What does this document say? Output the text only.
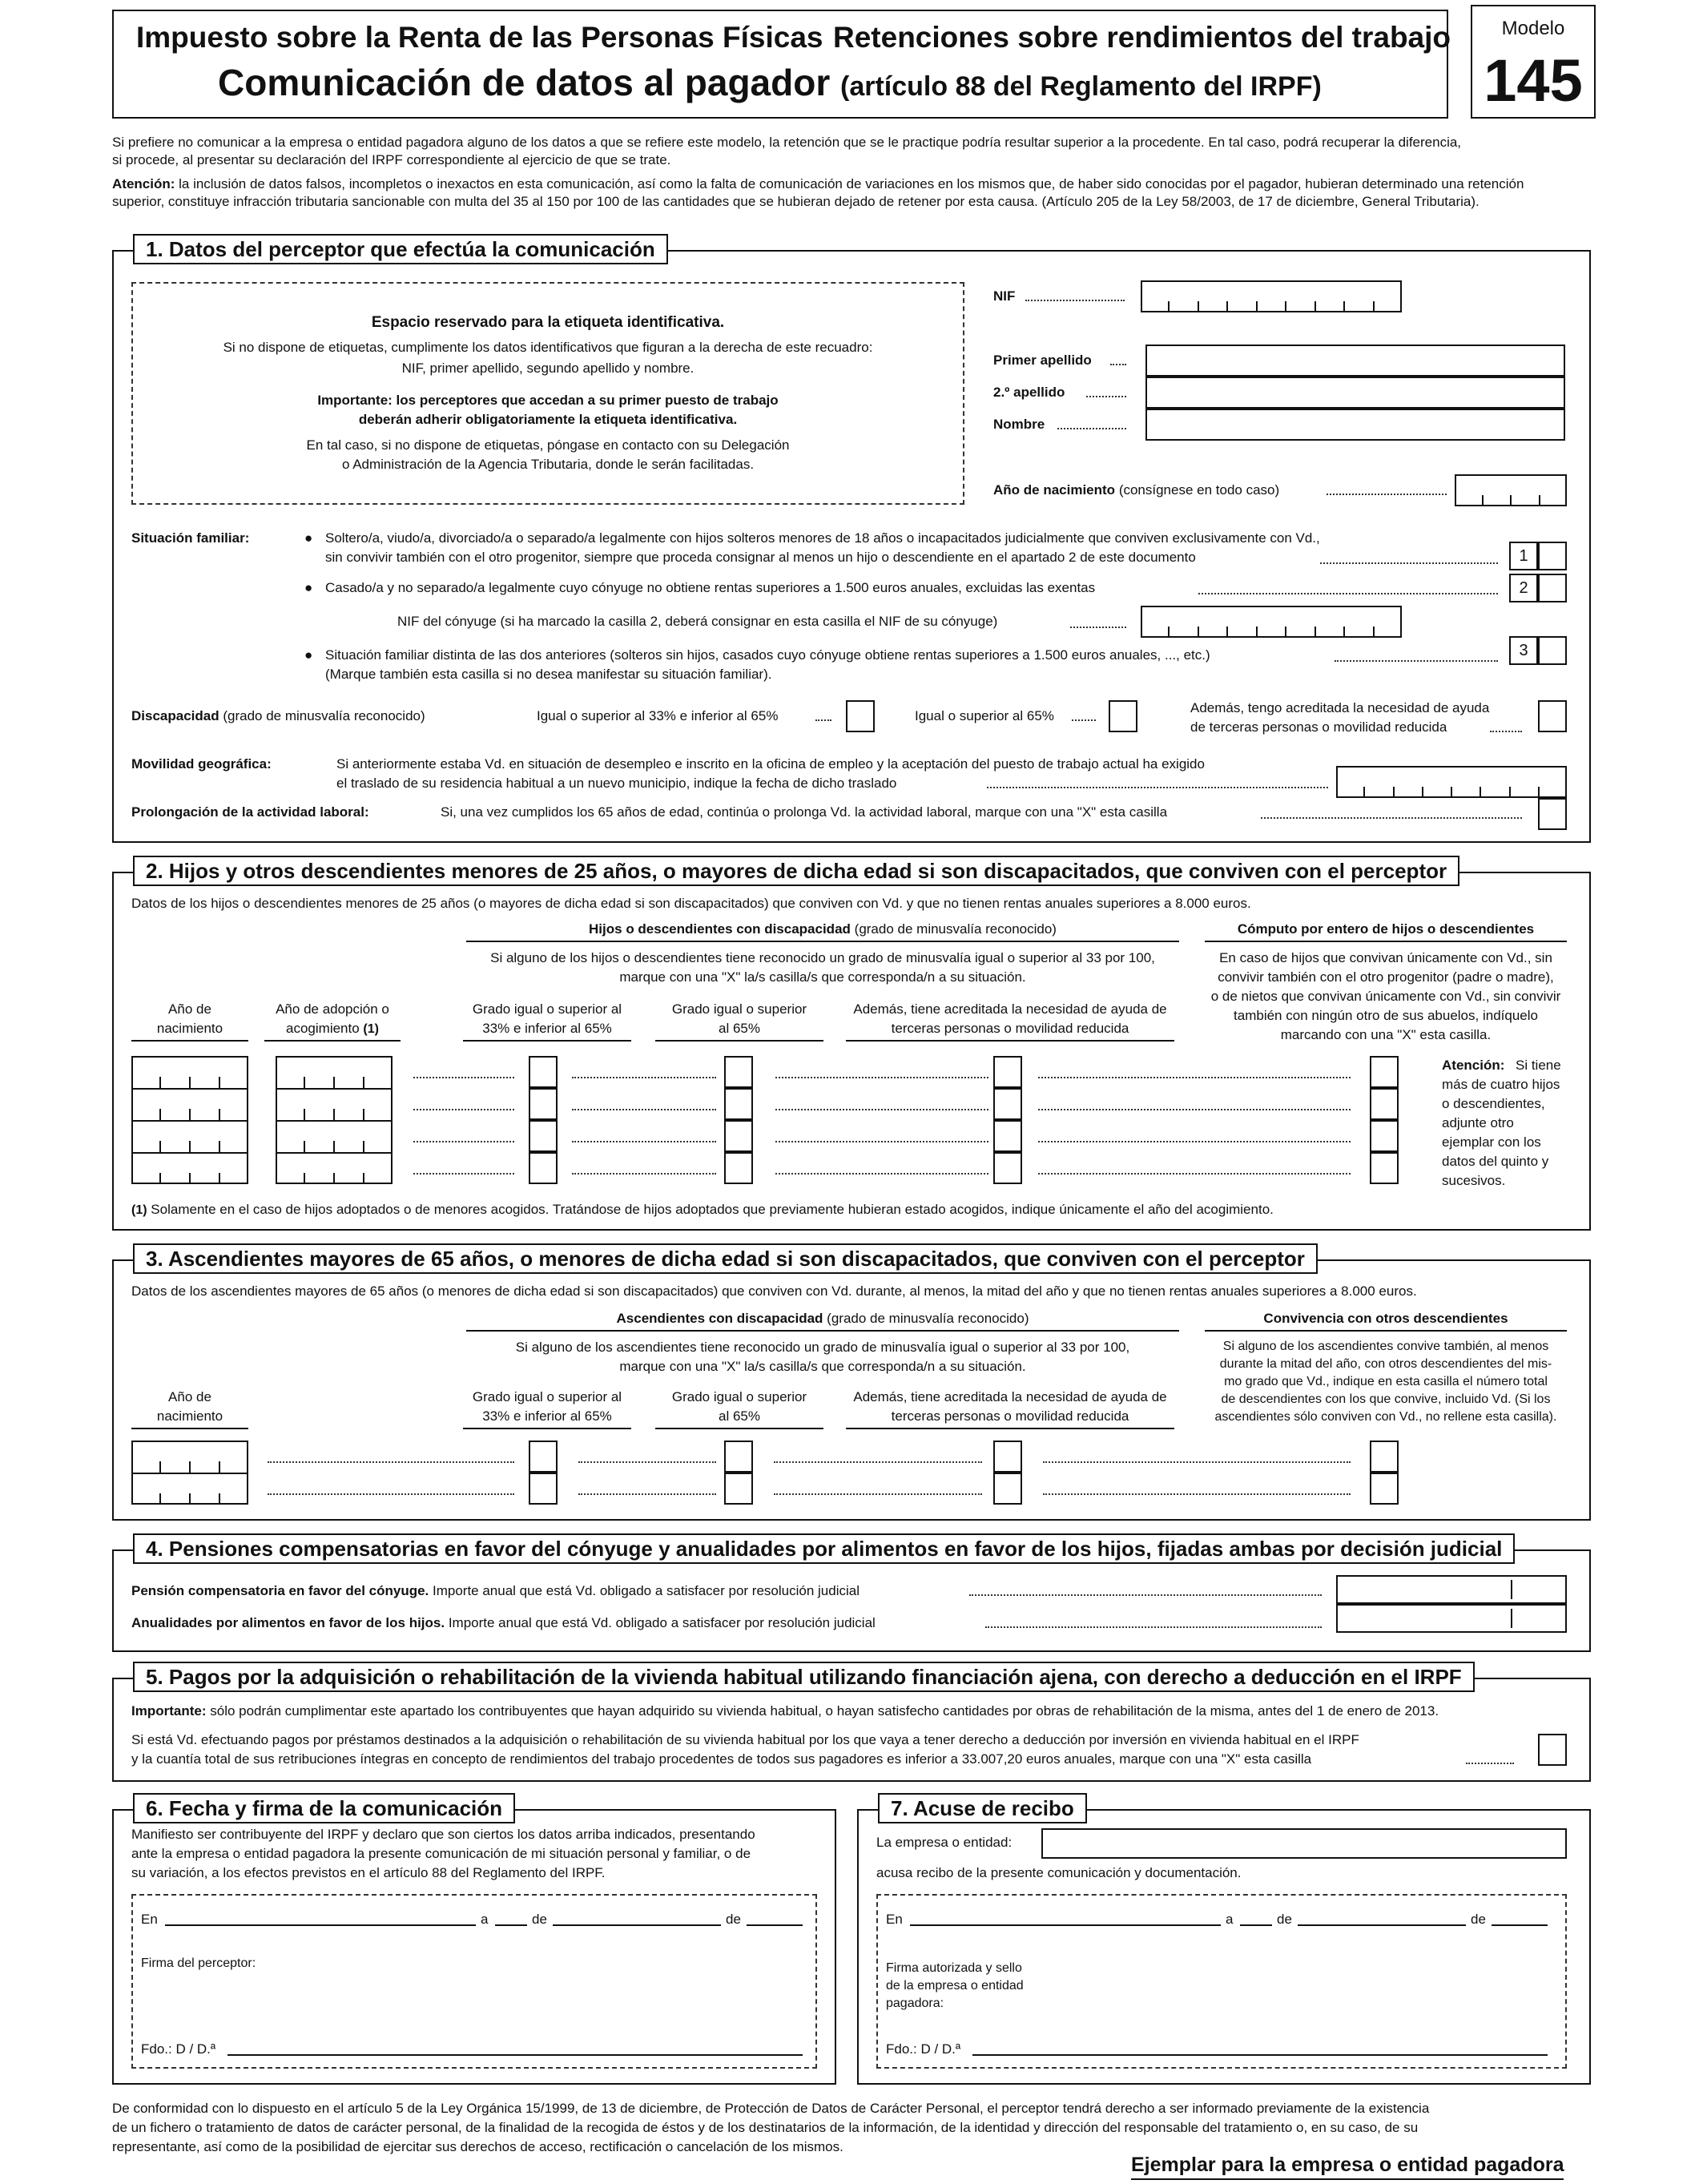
Impuesto sobre la Renta de las Personas Físicas Retenciones sobre rendimientos del trabajo
Comunicación de datos al pagador (artículo 88 del Reglamento del IRPF)
Modelo
145
Si prefiere no comunicar a la empresa o entidad pagadora alguno de los datos a que se refiere este modelo, la retención que se le practique podría resultar superior a la procedente. En tal caso, podrá recuperar la diferencia,
si procede, al presentar su declaración del IRPF correspondiente al ejercicio de que se trate.
Atención: la inclusión de datos falsos, incompletos o inexactos en esta comunicación, así como la falta de comunicación de variaciones en los mismos que, de haber sido conocidas por el pagador, hubieran determinado una retención
superior, constituye infracción tributaria sancionable con multa del 35 al 150 por 100 de las cantidades que se hubieran dejado de retener por esta causa. (Artículo 205 de la Ley 58/2003, de 17 de diciembre, General Tributaria).
1. Datos del perceptor que efectúa la comunicación
Espacio reservado para la etiqueta identificativa.
Si no dispone de etiquetas, cumplimente los datos identificativos que figuran a la derecha de este recuadro:
NIF, primer apellido, segundo apellido y nombre.
Importante: los perceptores que accedan a su primer puesto de trabajo
deberán adherir obligatoriamente la etiqueta identificativa.
En tal caso, si no dispone de etiquetas, póngase en contacto con su Delegación
o Administración de la Agencia Tributaria, donde le serán facilitadas.
NIF
Primer apellido
2.º apellido
Nombre
Año de nacimiento (consígnese en todo caso)
Situación familiar:	● Soltero/a, viudo/a, divorciado/a o separado/a legalmente con hijos solteros menores de 18 años o incapacitados judicialmente que conviven exclusivamente con Vd.,
sin convivir también con el otro progenitor, siempre que proceda consignar al menos un hijo o descendiente en el apartado 2 de este documento	1
● Casado/a y no separado/a legalmente cuyo cónyuge no obtiene rentas superiores a 1.500 euros anuales, excluidas las exentas	2
NIF del cónyuge (si ha marcado la casilla 2, deberá consignar en esta casilla el NIF de su cónyuge)
● Situación familiar distinta de las dos anteriores (solteros sin hijos, casados cuyo cónyuge obtiene rentas superiores a 1.500 euros anuales, ..., etc.)
(Marque también esta casilla si no desea manifestar su situación familiar).
3
Discapacidad (grado de minusvalía reconocido)	Igual o superior al 33% e inferior al 65%	Igual o superior al 65%
Además, tengo acreditada la necesidad de ayuda
de terceras personas o movilidad reducida
Movilidad geográfica:	Si anteriormente estaba Vd. en situación de desempleo e inscrito en la oficina de empleo y la aceptación del puesto de trabajo actual ha exigido
el traslado de su residencia habitual a un nuevo municipio, indique la fecha de dicho traslado
Prolongación de la actividad laboral:	Si, una vez cumplidos los 65 años de edad, continúa o prolonga Vd. la actividad laboral, marque con una "X" esta casilla
2. Hijos y otros descendientes menores de 25 años, o mayores de dicha edad si son discapacitados, que conviven con el perceptor
Datos de los hijos o descendientes menores de 25 años (o mayores de dicha edad si son discapacitados) que conviven con Vd. y que no tienen rentas anuales superiores a 8.000 euros.
Hijos o descendientes con discapacidad (grado de minusvalía reconocido)
Si alguno de los hijos o descendientes tiene reconocido un grado de minusvalía igual o superior al 33 por 100,
marque con una "X" la/s casilla/s que corresponda/n a su situación.
Cómputo por entero de hijos o descendientes
En caso de hijos que convivan únicamente con Vd., sin
convivir también con el otro progenitor (padre o madre),
o de nietos que convivan únicamente con Vd., sin convivir
también con ningún otro de sus abuelos, indíquelo
marcando con una "X" esta casilla.
Año de
nacimiento
Año de adopción o
acogimiento (1)
Grado igual o superior al
33% e inferior al 65%
Grado igual o superior
al 65%
Además, tiene acreditada la necesidad de ayuda de
terceras personas o movilidad reducida
Atención: Si tiene
más de cuatro hijos
o descendientes,
adjunte otro
ejemplar con los
datos del quinto y
sucesivos.
(1) Solamente en el caso de hijos adoptados o de menores acogidos. Tratándose de hijos adoptados que previamente hubieran estado acogidos, indique únicamente el año del acogimiento.
3. Ascendientes mayores de 65 años, o menores de dicha edad si son discapacitados, que conviven con el perceptor
Datos de los ascendientes mayores de 65 años (o menores de dicha edad si son discapacitados) que conviven con Vd. durante, al menos, la mitad del año y que no tienen rentas anuales superiores a 8.000 euros.
Ascendientes con discapacidad (grado de minusvalía reconocido)
Si alguno de los ascendientes tiene reconocido un grado de minusvalía igual o superior al 33 por 100,
marque con una "X" la/s casilla/s que corresponda/n a su situación.
Convivencia con otros descendientes
Si alguno de los ascendientes convive también, al menos
durante la mitad del año, con otros descendientes del mis-
mo grado que Vd., indique en esta casilla el número total
de descendientes con los que convive, incluido Vd. (Si los
ascendientes sólo conviven con Vd., no rellene esta casilla).
Año de
nacimiento
Grado igual o superior al
33% e inferior al 65%
Grado igual o superior
al 65%
Además, tiene acreditada la necesidad de ayuda de
terceras personas o movilidad reducida
4. Pensiones compensatorias en favor del cónyuge y anualidades por alimentos en favor de los hijos, fijadas ambas por decisión judicial
Pensión compensatoria en favor del cónyuge. Importe anual que está Vd. obligado a satisfacer por resolución judicial
Anualidades por alimentos en favor de los hijos. Importe anual que está Vd. obligado a satisfacer por resolución judicial
5. Pagos por la adquisición o rehabilitación de la vivienda habitual utilizando financiación ajena, con derecho a deducción en el IRPF
Importante: sólo podrán cumplimentar este apartado los contribuyentes que hayan adquirido su vivienda habitual, o hayan satisfecho cantidades por obras de rehabilitación de la misma, antes del 1 de enero de 2013.
Si está Vd. efectuando pagos por préstamos destinados a la adquisición o rehabilitación de su vivienda habitual por los que vaya a tener derecho a deducción por inversión en vivienda habitual en el IRPF
y la cuantía total de sus retribuciones íntegras en concepto de rendimientos del trabajo procedentes de todos sus pagadores es inferior a 33.007,20 euros anuales, marque con una "X" esta casilla
6. Fecha y firma de la comunicación
Manifiesto ser contribuyente del IRPF y declaro que son ciertos los datos arriba indicados, presentando
ante la empresa o entidad pagadora la presente comunicación de mi situación personal y familiar, o de
su variación, a los efectos previstos en el artículo 88 del Reglamento del IRPF.
En	a	de	de
Firma del perceptor:
Fdo.: D / D.ª
7. Acuse de recibo
La empresa o entidad:
acusa recibo de la presente comunicación y documentación.
En	a	de	de
Firma autorizada y sello
de la empresa o entidad
pagadora:
Fdo.: D / D.ª
De conformidad con lo dispuesto en el artículo 5 de la Ley Orgánica 15/1999, de 13 de diciembre, de Protección de Datos de Carácter Personal, el perceptor tendrá derecho a ser informado previamente de la existencia
de un fichero o tratamiento de datos de carácter personal, de la finalidad de la recogida de éstos y de los destinatarios de la información, de la identidad y dirección del responsable del tratamiento o, en su caso, de su
representante, así como de la posibilidad de ejercitar sus derechos de acceso, rectificación o cancelación de los mismos.
Ejemplar para la empresa o entidad pagadora
